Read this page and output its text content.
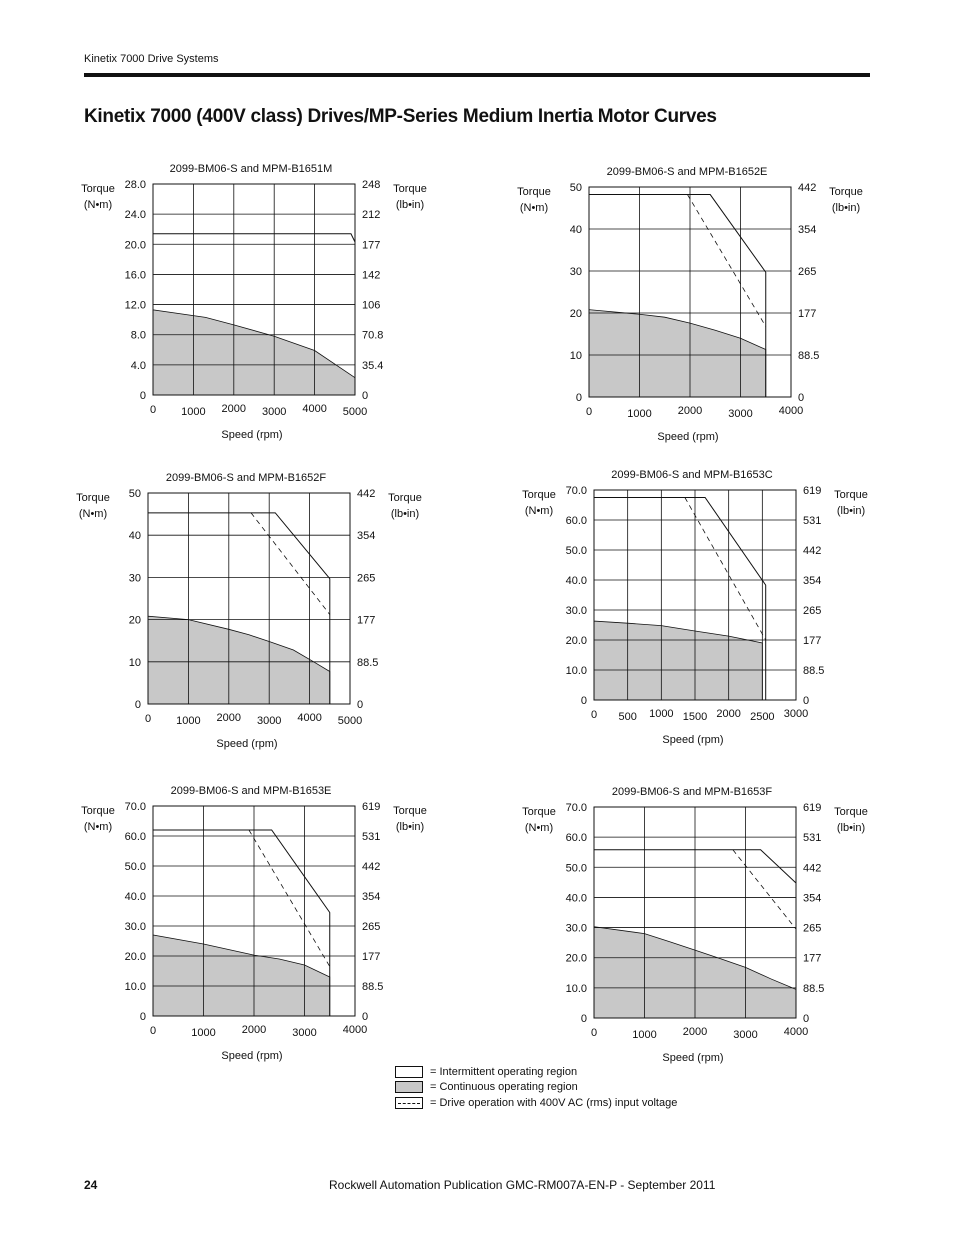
Kinetix 7000 Drive Systems
Kinetix 7000 (400V class) Drives/MP-Series Medium Inertia Motor Curves
0
4.0
8.0
12.0
16.0
20.0
24.0
28.0
0
35.4
70.8
106
142
177
212
248
0 1000 2000 3000 4000 5000
2099-BM06-S and MPM-B1651M
Torque
(N•m)
Torque
(lb•in)
Speed (rpm)
0
10
20
30
40
50
0
88.5
177
265
354
442
0	1000 2000 3000 4000
2099-BM06-S and MPM-B1652E
Torque
(N•m)
Torque
(lb•in)
Speed (rpm)
0
10
20
30
40
50
0
88.5
177
265
354
442
0 1000 2000 3000 4000 5000
2099-BM06-S and MPM-B1652F
Torque
(N•m)
Torque
(lb•in)
Speed (rpm)
0
10.0
20.0
30.0
40.0
50.0
60.0
70.0
0
88.5
177
265
354
442
531
619
0 500 1000 1500 2000 2500 3000
2099-BM06-S and MPM-B1653C
Torque
(N•m)
Torque
(lb•in)
Speed (rpm)
0
10.0
20.0
30.0
40.0
50.0
60.0
70.0
0
88.5
177
265
354
442
531
619
0	1000 2000 3000 4000
2099-BM06-S and MPM-B1653E
Torque
(N•m)
Torque
(lb•in)
Speed (rpm)
0
10.0
20.0
30.0
40.0
50.0
60.0
70.0
0
88.5
177
265
354
442
531
619
0	1000 2000 3000 4000
2099-BM06-S and MPM-B1653F
Torque
(N•m)
Torque
(lb•in)
Speed (rpm)
= Intermittent operating region
= Continuous operating region
= Drive operation with 400V AC (rms) input voltage
24	Rockwell Automation Publication GMC-RM007A-EN-P - September 2011
